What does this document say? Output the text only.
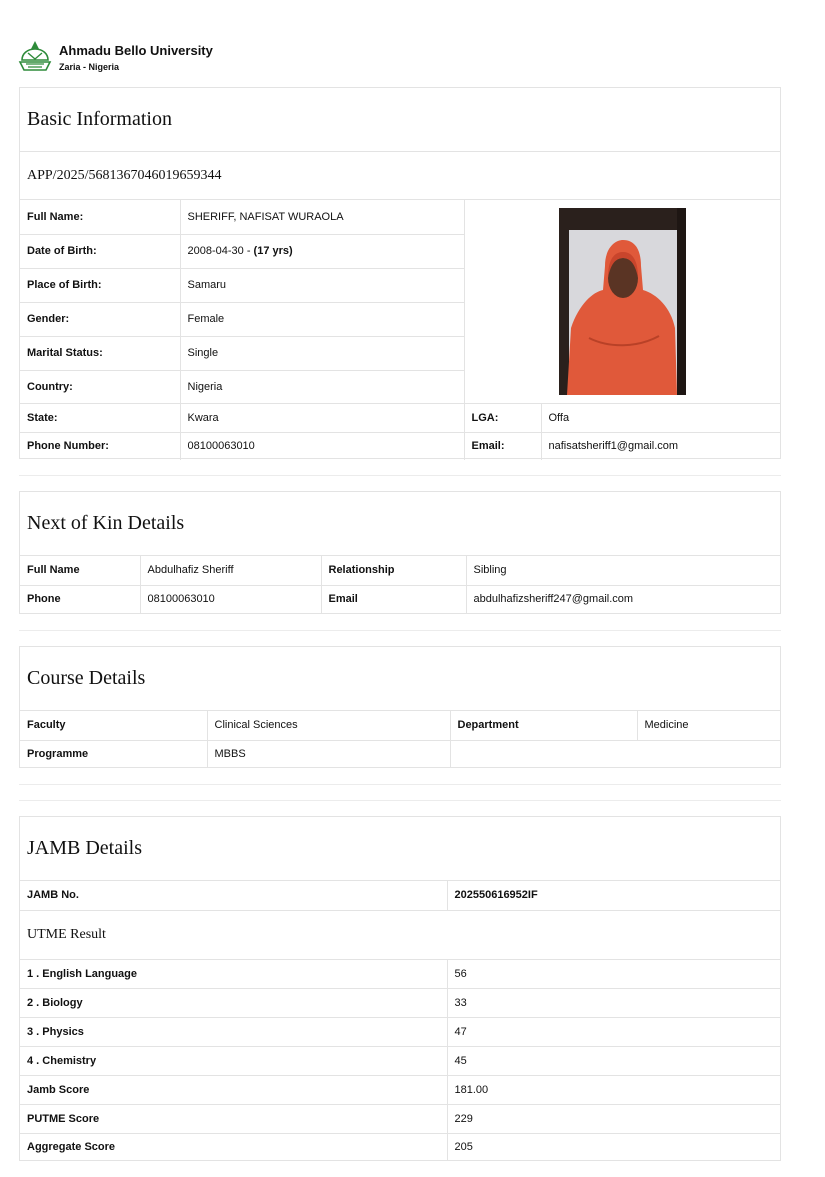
Ahmadu Bello University
Zaria - Nigeria
Basic Information
APP/2025/5681367046019659344
Full Name:	SHERIFF, NAFISAT WURAOLA	
Date of Birth:	2008-04-30 - (17 yrs)		
Place of Birth:	Samaru		
Gender:	Female		
Marital Status:	Single		
Country:	Nigeria		
State:	Kwara	LGA:	Offa
Phone Number:	08100063010	Email:	nafisatsheriff1@gmail.com
Next of Kin Details
Full Name	Abdulhafiz Sheriff	Relationship	Sibling
Phone	08100063010	Email	abdulhafizsheriff247@gmail.com
Course Details
Faculty	Clinical Sciences	Department	Medicine
Programme	MBBS		
JAMB Details
JAMB No.	202550616952IF
UTME Result	
1 . English Language	56
2 . Biology	33
3 . Physics	47
4 . Chemistry	45
Jamb Score	181.00
PUTME Score	229
Aggregate Score	205
